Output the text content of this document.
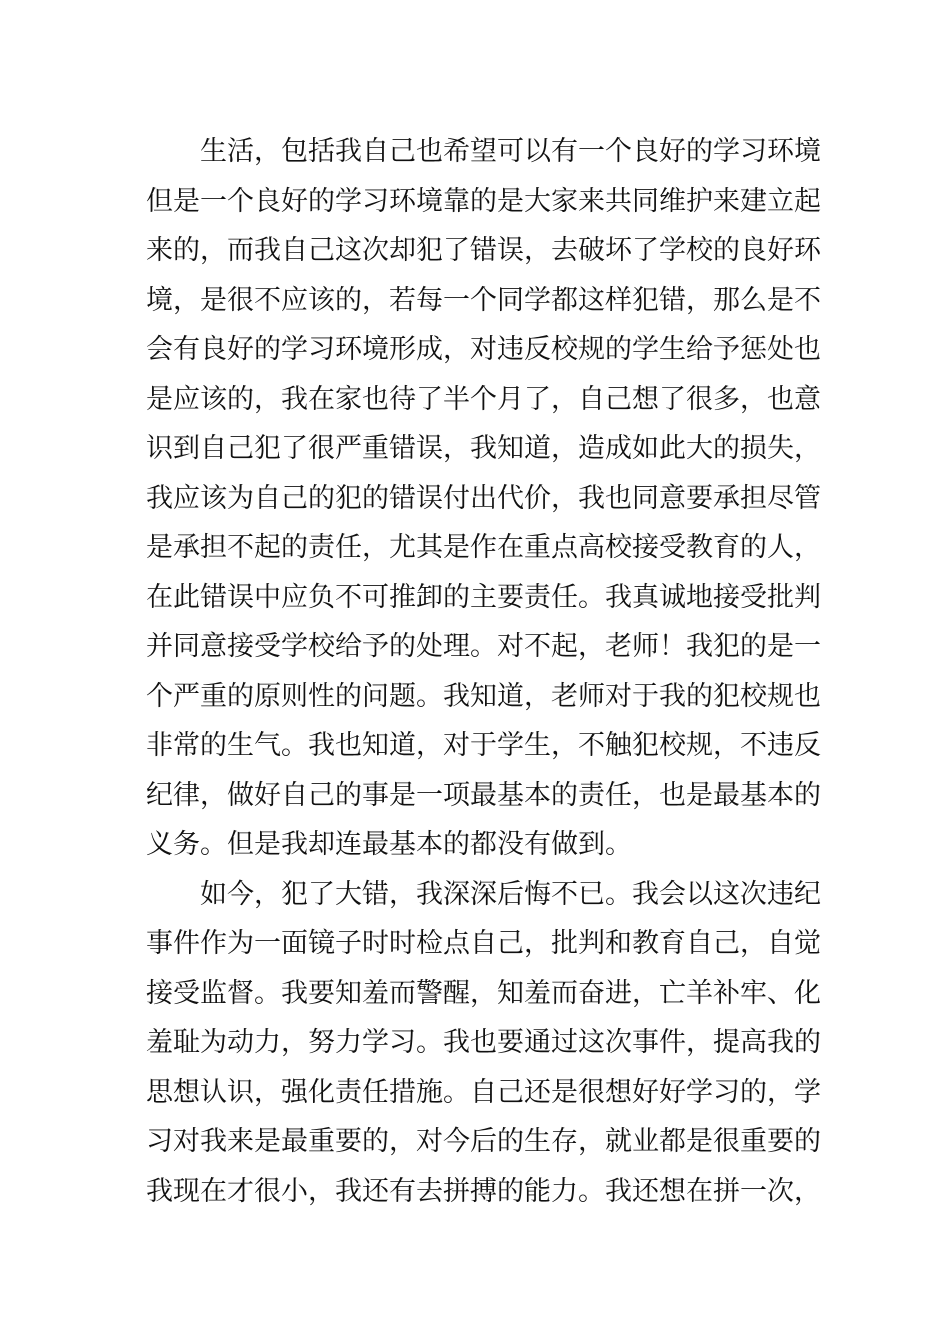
生活，包括我自己也希望可以有一个良好的学习环境
但是一个良好的学习环境靠的是大家来共同维护来建立起
来的，而我自己这次却犯了错误，去破坏了学校的良好环
境，是很不应该的，若每一个同学都这样犯错，那么是不
会有良好的学习环境形成，对违反校规的学生给予惩处也
是应该的，我在家也待了半个月了，自己想了很多，也意
识到自己犯了很严重错误，我知道，造成如此大的损失，
我应该为自己的犯的错误付出代价，我也同意要承担尽管
是承担不起的责任，尤其是作在重点高校接受教育的人，
在此错误中应负不可推卸的主要责任。我真诚地接受批判
并同意接受学校给予的处理。对不起，老师！我犯的是一
个严重的原则性的问题。我知道，老师对于我的犯校规也
非常的生气。我也知道，对于学生，不触犯校规，不违反
纪律，做好自己的事是一项最基本的责任，也是最基本的
义务。但是我却连最基本的都没有做到。
如今，犯了大错，我深深后悔不已。我会以这次违纪
事件作为一面镜子时时检点自己，批判和教育自己，自觉
接受监督。我要知羞而警醒，知羞而奋进，亡羊补牢、化
羞耻为动力，努力学习。我也要通过这次事件，提高我的
思想认识，强化责任措施。自己还是很想好好学习的，学
习对我来是最重要的，对今后的生存，就业都是很重要的
我现在才很小，我还有去拼搏的能力。我还想在拼一次，
